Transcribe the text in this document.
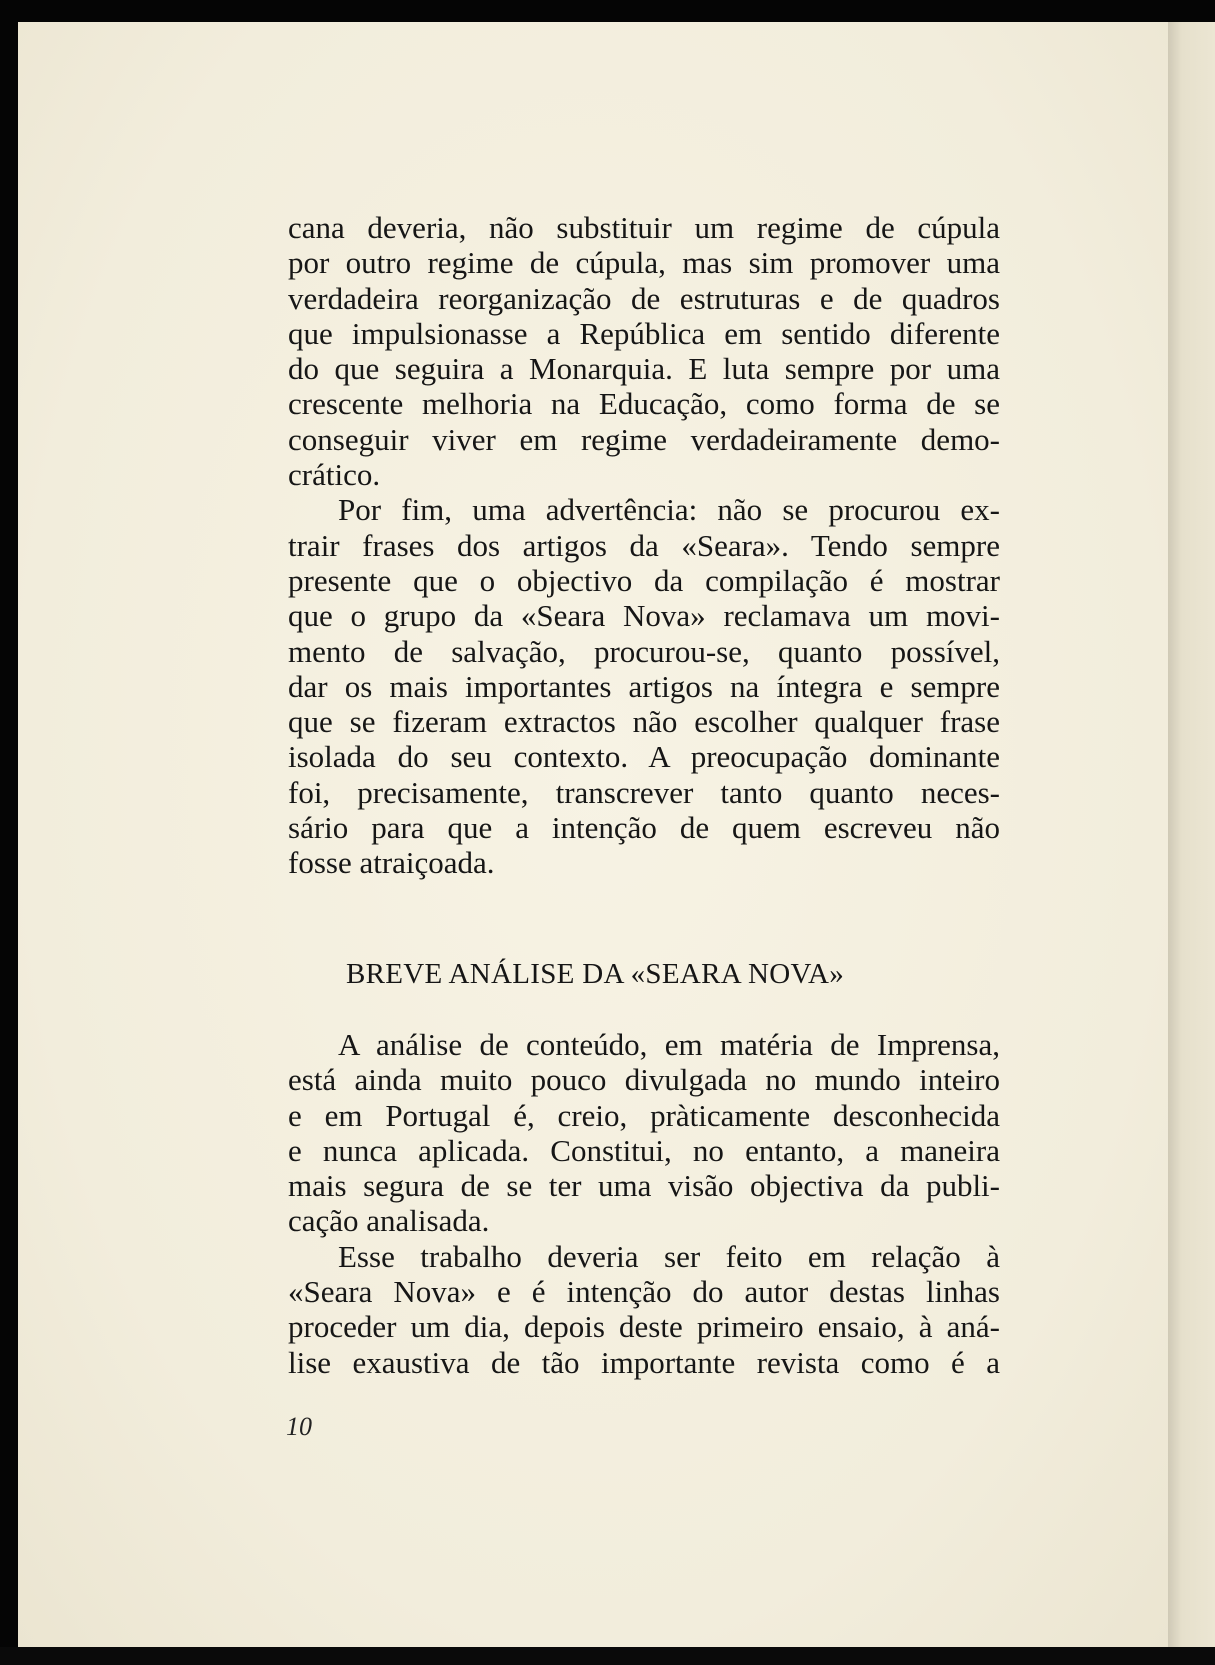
cana deveria, não substituir um regime de cúpula
por outro regime de cúpula, mas sim promover uma
verdadeira reorganização de estruturas e de quadros
que impulsionasse a República em sentido diferente
do que seguira a Monarquia. E luta sempre por uma
crescente melhoria na Educação, como forma de se
conseguir viver em regime verdadeiramente demo-
crático.
Por fim, uma advertência: não se procurou ex-
trair frases dos artigos da «Seara». Tendo sempre
presente que o objectivo da compilação é mostrar
que o grupo da «Seara Nova» reclamava um movi-
mento de salvação, procurou-se, quanto possível,
dar os mais importantes artigos na íntegra e sempre
que se fizeram extractos não escolher qualquer frase
isolada do seu contexto. A preocupação dominante
foi, precisamente, transcrever tanto quanto neces-
sário para que a intenção de quem escreveu não
fosse atraiçoada.
BREVE ANÁLISE DA «SEARA NOVA»
A análise de conteúdo, em matéria de Imprensa,
está ainda muito pouco divulgada no mundo inteiro
e em Portugal é, creio, pràticamente desconhecida
e nunca aplicada. Constitui, no entanto, a maneira
mais segura de se ter uma visão objectiva da publi-
cação analisada.
Esse trabalho deveria ser feito em relação à
«Seara Nova» e é intenção do autor destas linhas
proceder um dia, depois deste primeiro ensaio, à aná-
lise exaustiva de tão importante revista como é a
10
